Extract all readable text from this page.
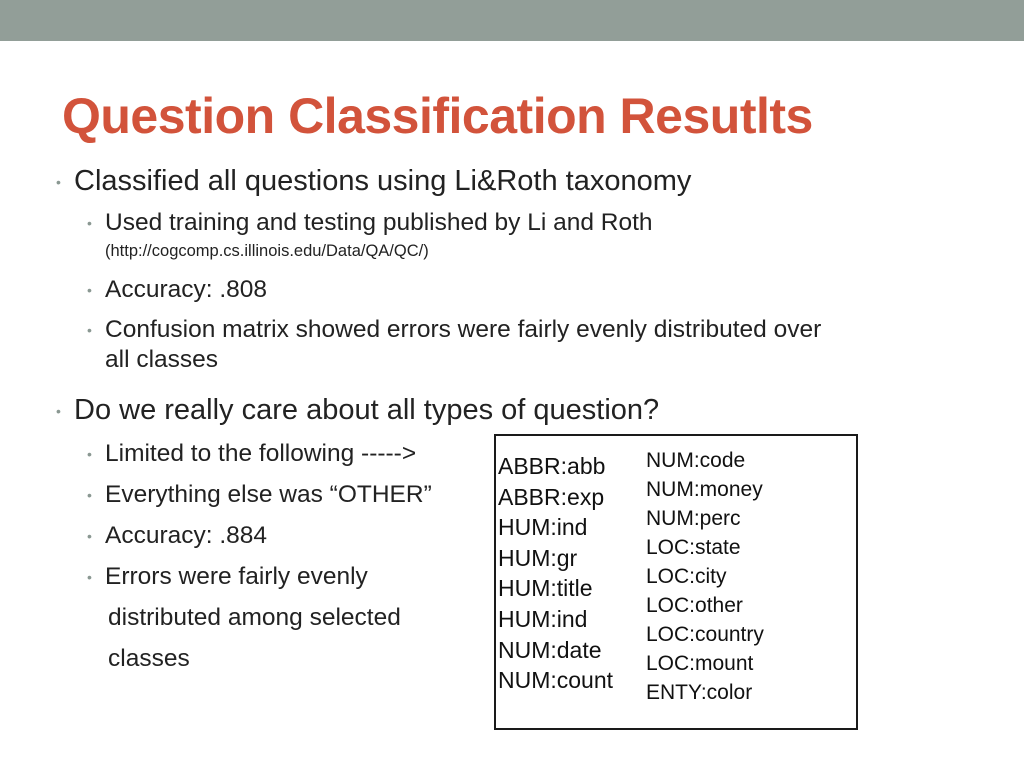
Question Classification Resutlts
• Classified all questions using Li&Roth taxonomy
• Used training and testing published by Li and Roth
(http://cogcomp.cs.illinois.edu/Data/QA/QC/)
• Accuracy: .808
• Confusion matrix showed errors were fairly evenly distributed over
all classes
• Do we really care about all types of question?
• Limited to the following ----->
• Everything else was “OTHER”
• Accuracy: .884
• Errors were fairly evenly
distributed among selected
classes
ABBR:abb
ABBR:exp
HUM:ind
HUM:gr
HUM:title
HUM:ind
NUM:date
NUM:count
NUM:code
NUM:money
NUM:perc
LOC:state
LOC:city
LOC:other
LOC:country
LOC:mount
ENTY:color
